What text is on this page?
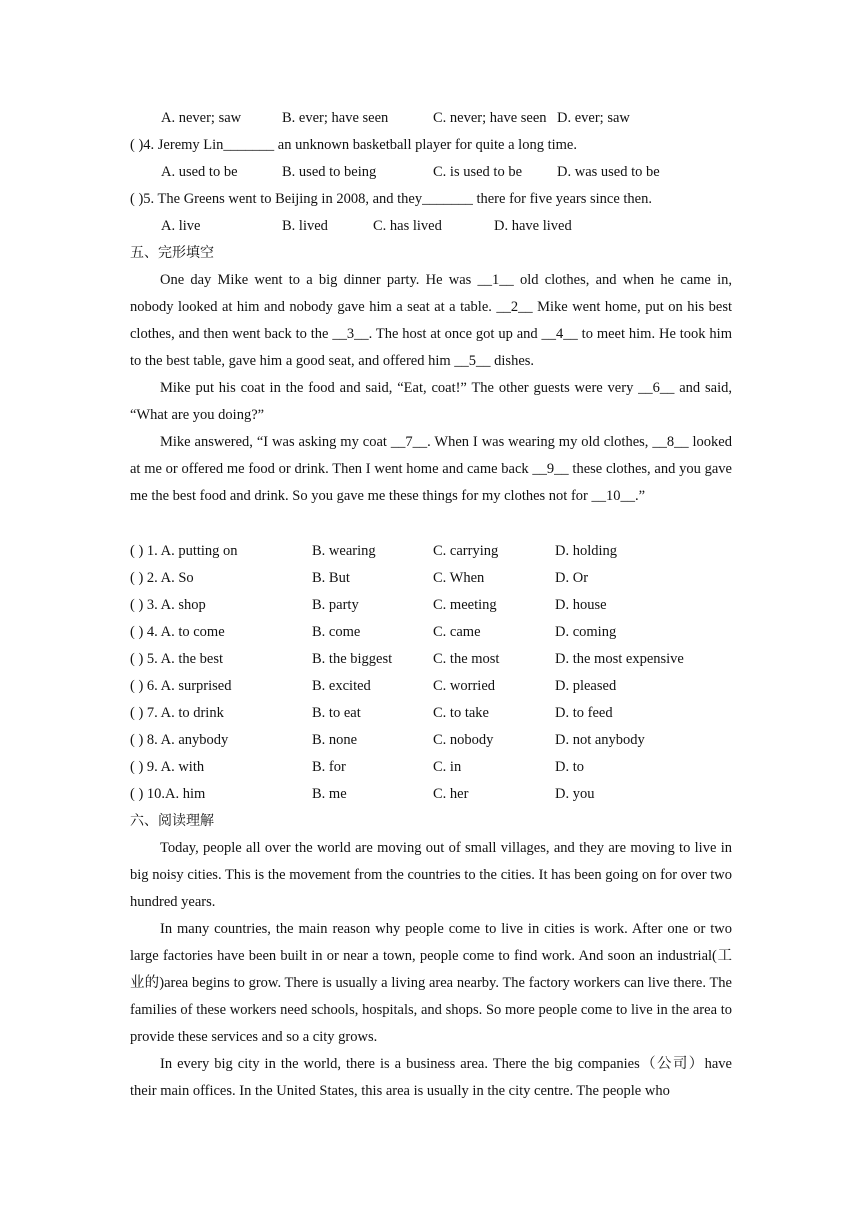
A. never; saw	B. ever; have seen	C. never; have seen D. ever; saw
( )4. Jeremy Lin_______ an unknown basketball player for quite a long time.
A. used to be	B. used to being	C. is used to be D. was used to be
( )5. The Greens went to Beijing in 2008, and they_______ there for five years since then.
A. live	B. lived	C. has lived	D. have lived
五、完形填空
One day Mike went to a big dinner party. He was __1__ old clothes, and when he came in, nobody looked at him and nobody gave him a seat at a table. __2__ Mike went home, put on his best clothes, and then went back to the __3__. The host at once got up and __4__ to meet him. He took him to the best table, gave him a good seat, and offered him __5__ dishes.
Mike put his coat in the food and said, “Eat, coat!” The other guests were very __6__ and said, “What are you doing?”
Mike answered, “I was asking my coat __7__. When I was wearing my old clothes, __8__ looked at me or offered me food or drink. Then I went home and came back __9__ these clothes, and you gave me the best food and drink. So you gave me these things for my clothes not for __10__.”
( ) 1. A. putting on	B. wearing	C. carrying	D. holding
( ) 2. A. So	B. But	C. When	D. Or
( ) 3. A. shop	B. party	C. meeting	D. house
( ) 4. A. to come	B. come	C. came	D. coming
( ) 5. A. the best	B. the biggest	C. the most	D. the most expensive
( ) 6. A. surprised	B. excited	C. worried	D. pleased
( ) 7. A. to drink	B. to eat	C. to take	D. to feed
( ) 8. A. anybody	B. none	C. nobody	D. not anybody
( ) 9. A. with	B. for	C. in	D. to
( ) 10.A. him	B. me	C. her	D. you
六、阅读理解
Today, people all over the world are moving out of small villages, and they are moving to live in big noisy cities. This is the movement from the countries to the cities. It has been going on for over two hundred years.
In many countries, the main reason why people come to live in cities is work. After one or two large factories have been built in or near a town, people come to find work. And soon an industrial(工业的)area begins to grow. There is usually a living area nearby. The factory workers can live there. The families of these workers need schools, hospitals, and shops. So more people come to live in the area to provide these services and so a city grows.
In every big city in the world, there is a business area. There the big companies（公司）have their main offices. In the United States, this area is usually in the city centre. The people who
